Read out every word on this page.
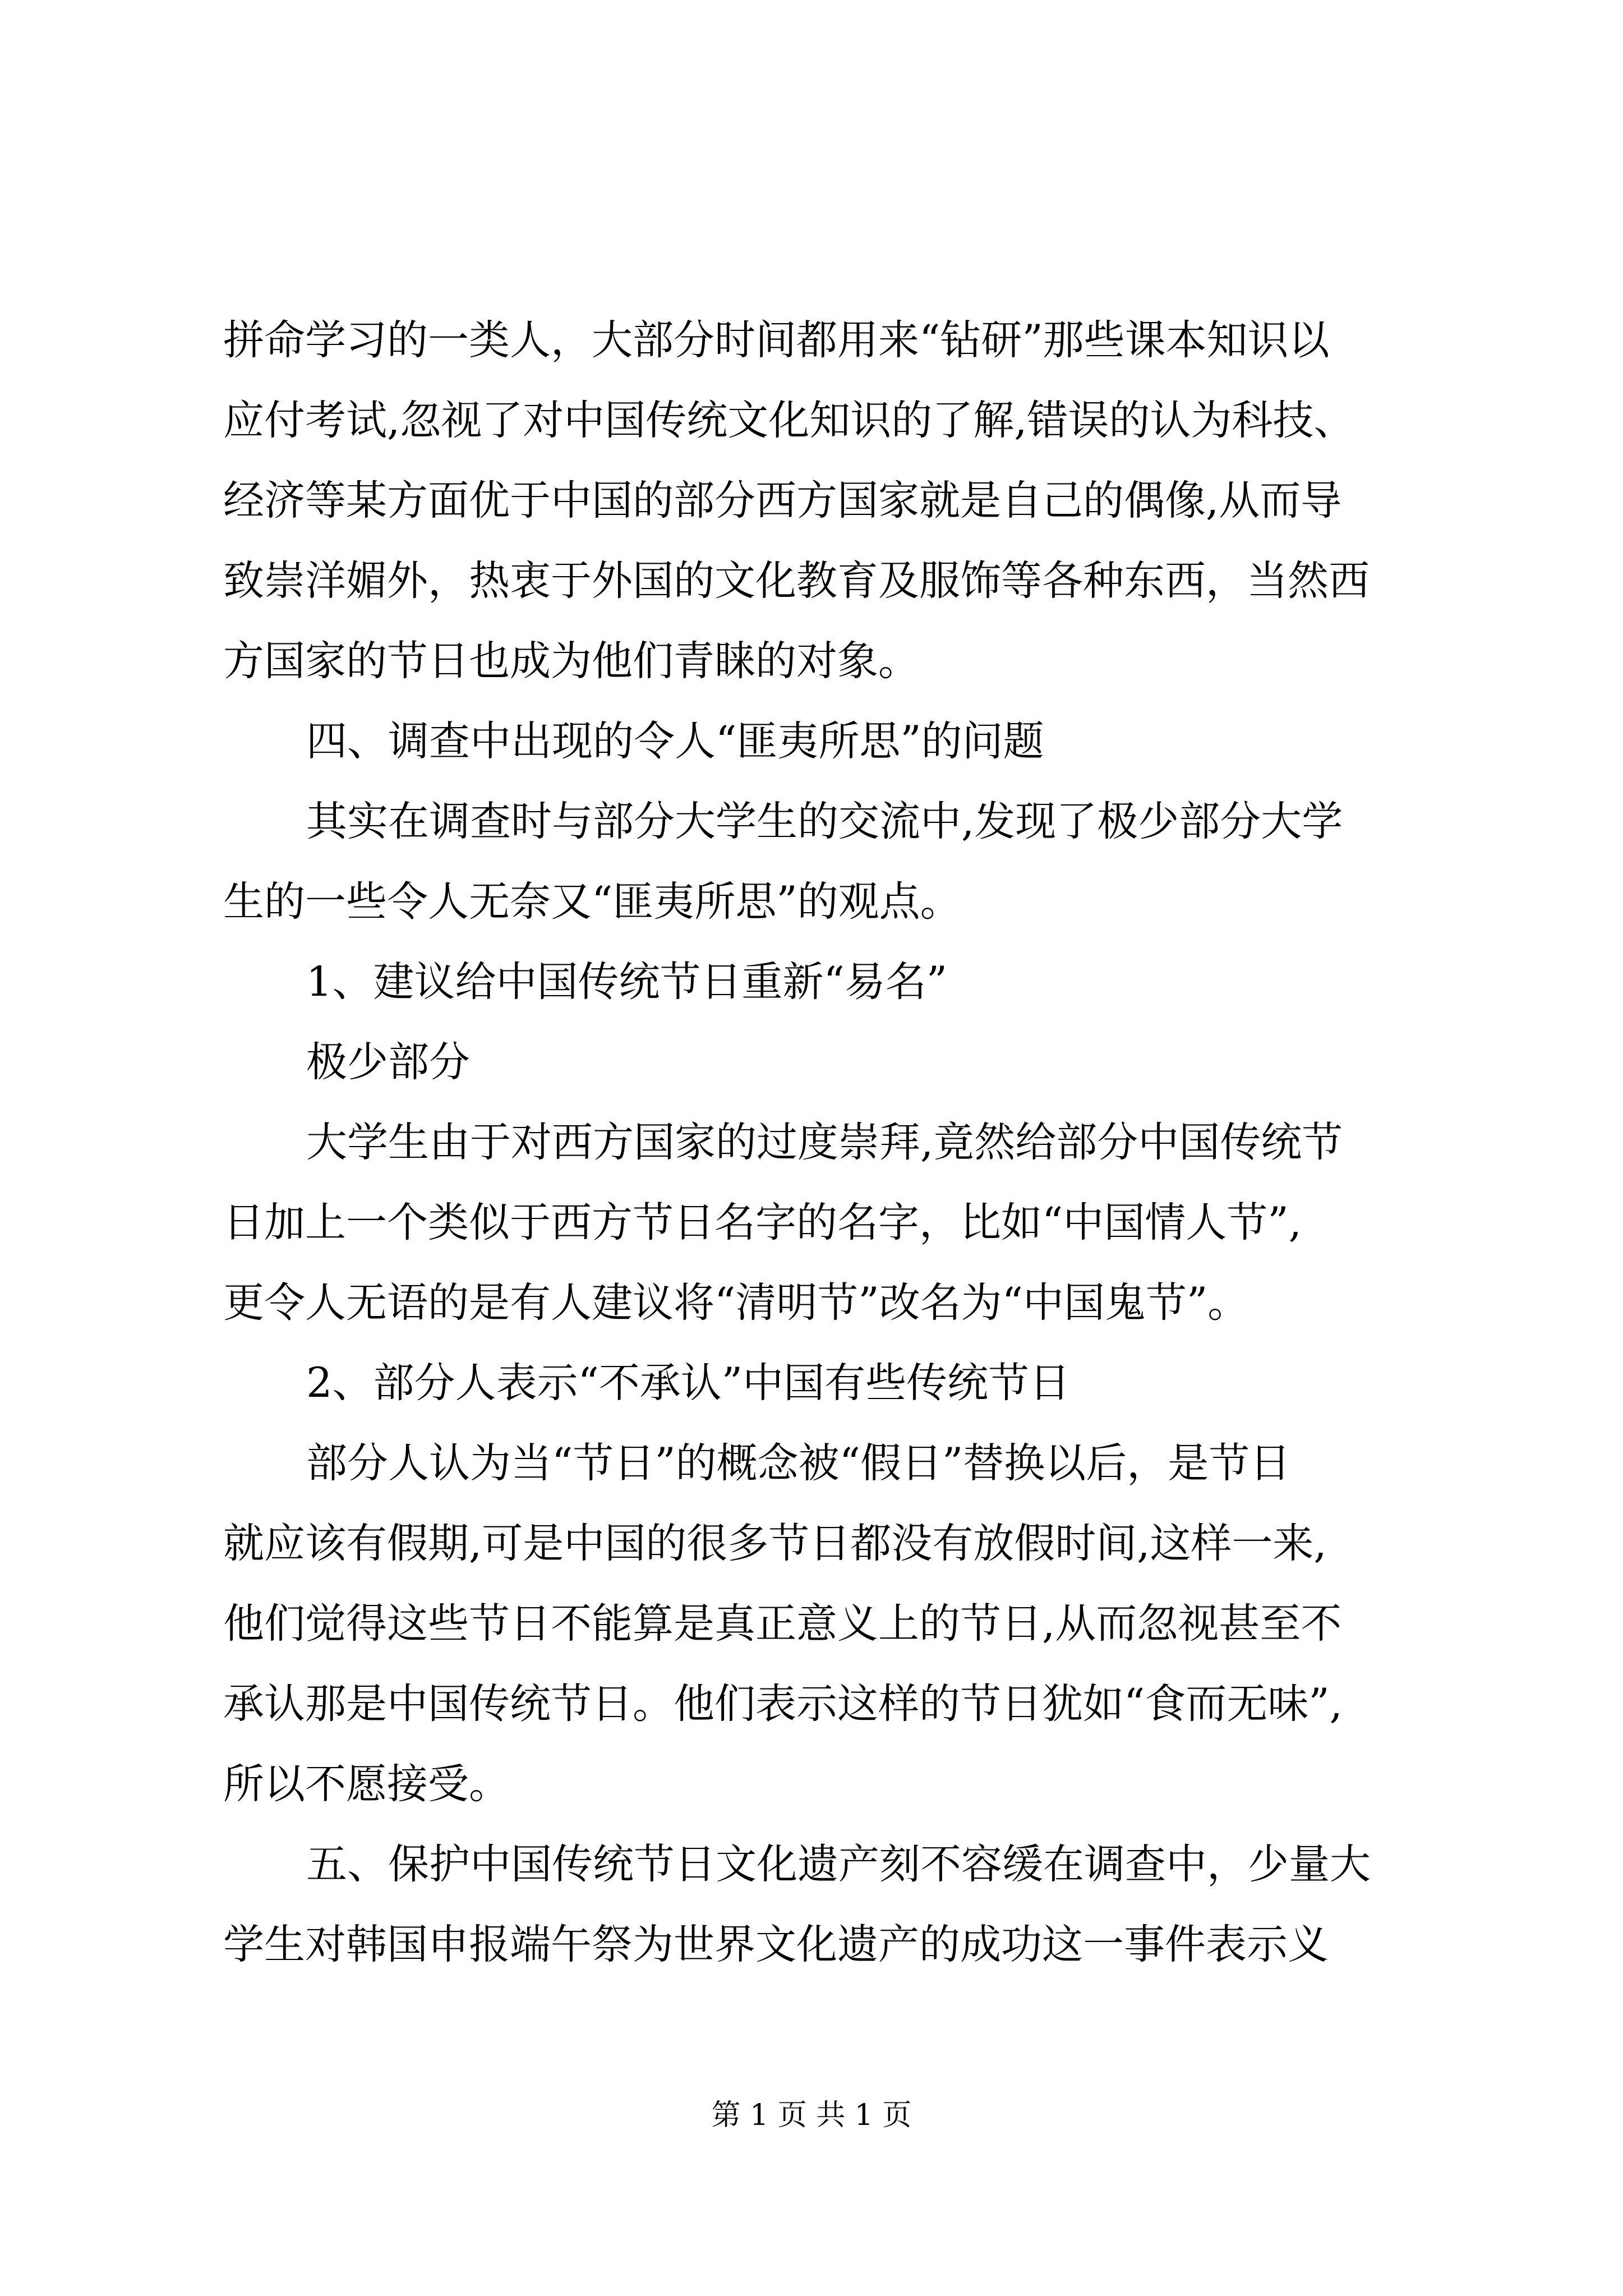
拼命学习的一类人，大部分时间都用来“钻研”那些课本知识以
应付考试,忽视了对中国传统文化知识的了解,错误的认为科技、
经济等某方面优于中国的部分西方国家就是自己的偶像,从而导
致崇洋媚外，热衷于外国的文化教育及服饰等各种东西，当然西
方国家的节日也成为他们青睐的对象。
四、调查中出现的令人“匪夷所思”的问题
其实在调查时与部分大学生的交流中,发现了极少部分大学
生的一些令人无奈又“匪夷所思”的观点。
1、建议给中国传统节日重新“易名”
极少部分
大学生由于对西方国家的过度崇拜,竟然给部分中国传统节
日加上一个类似于西方节日名字的名字，比如“中国情人节”,
更令人无语的是有人建议将“清明节”改名为“中国鬼节”。
2、部分人表示“不承认”中国有些传统节日
部分人认为当“节日”的概念被“假日”替换以后，是节日
就应该有假期,可是中国的很多节日都没有放假时间,这样一来,
他们觉得这些节日不能算是真正意义上的节日,从而忽视甚至不
承认那是中国传统节日。他们表示这样的节日犹如“食而无味”,
所以不愿接受。
五、保护中国传统节日文化遗产刻不容缓在调查中，少量大
学生对韩国申报端午祭为世界文化遗产的成功这一事件表示义
第 1 页 共 1 页
